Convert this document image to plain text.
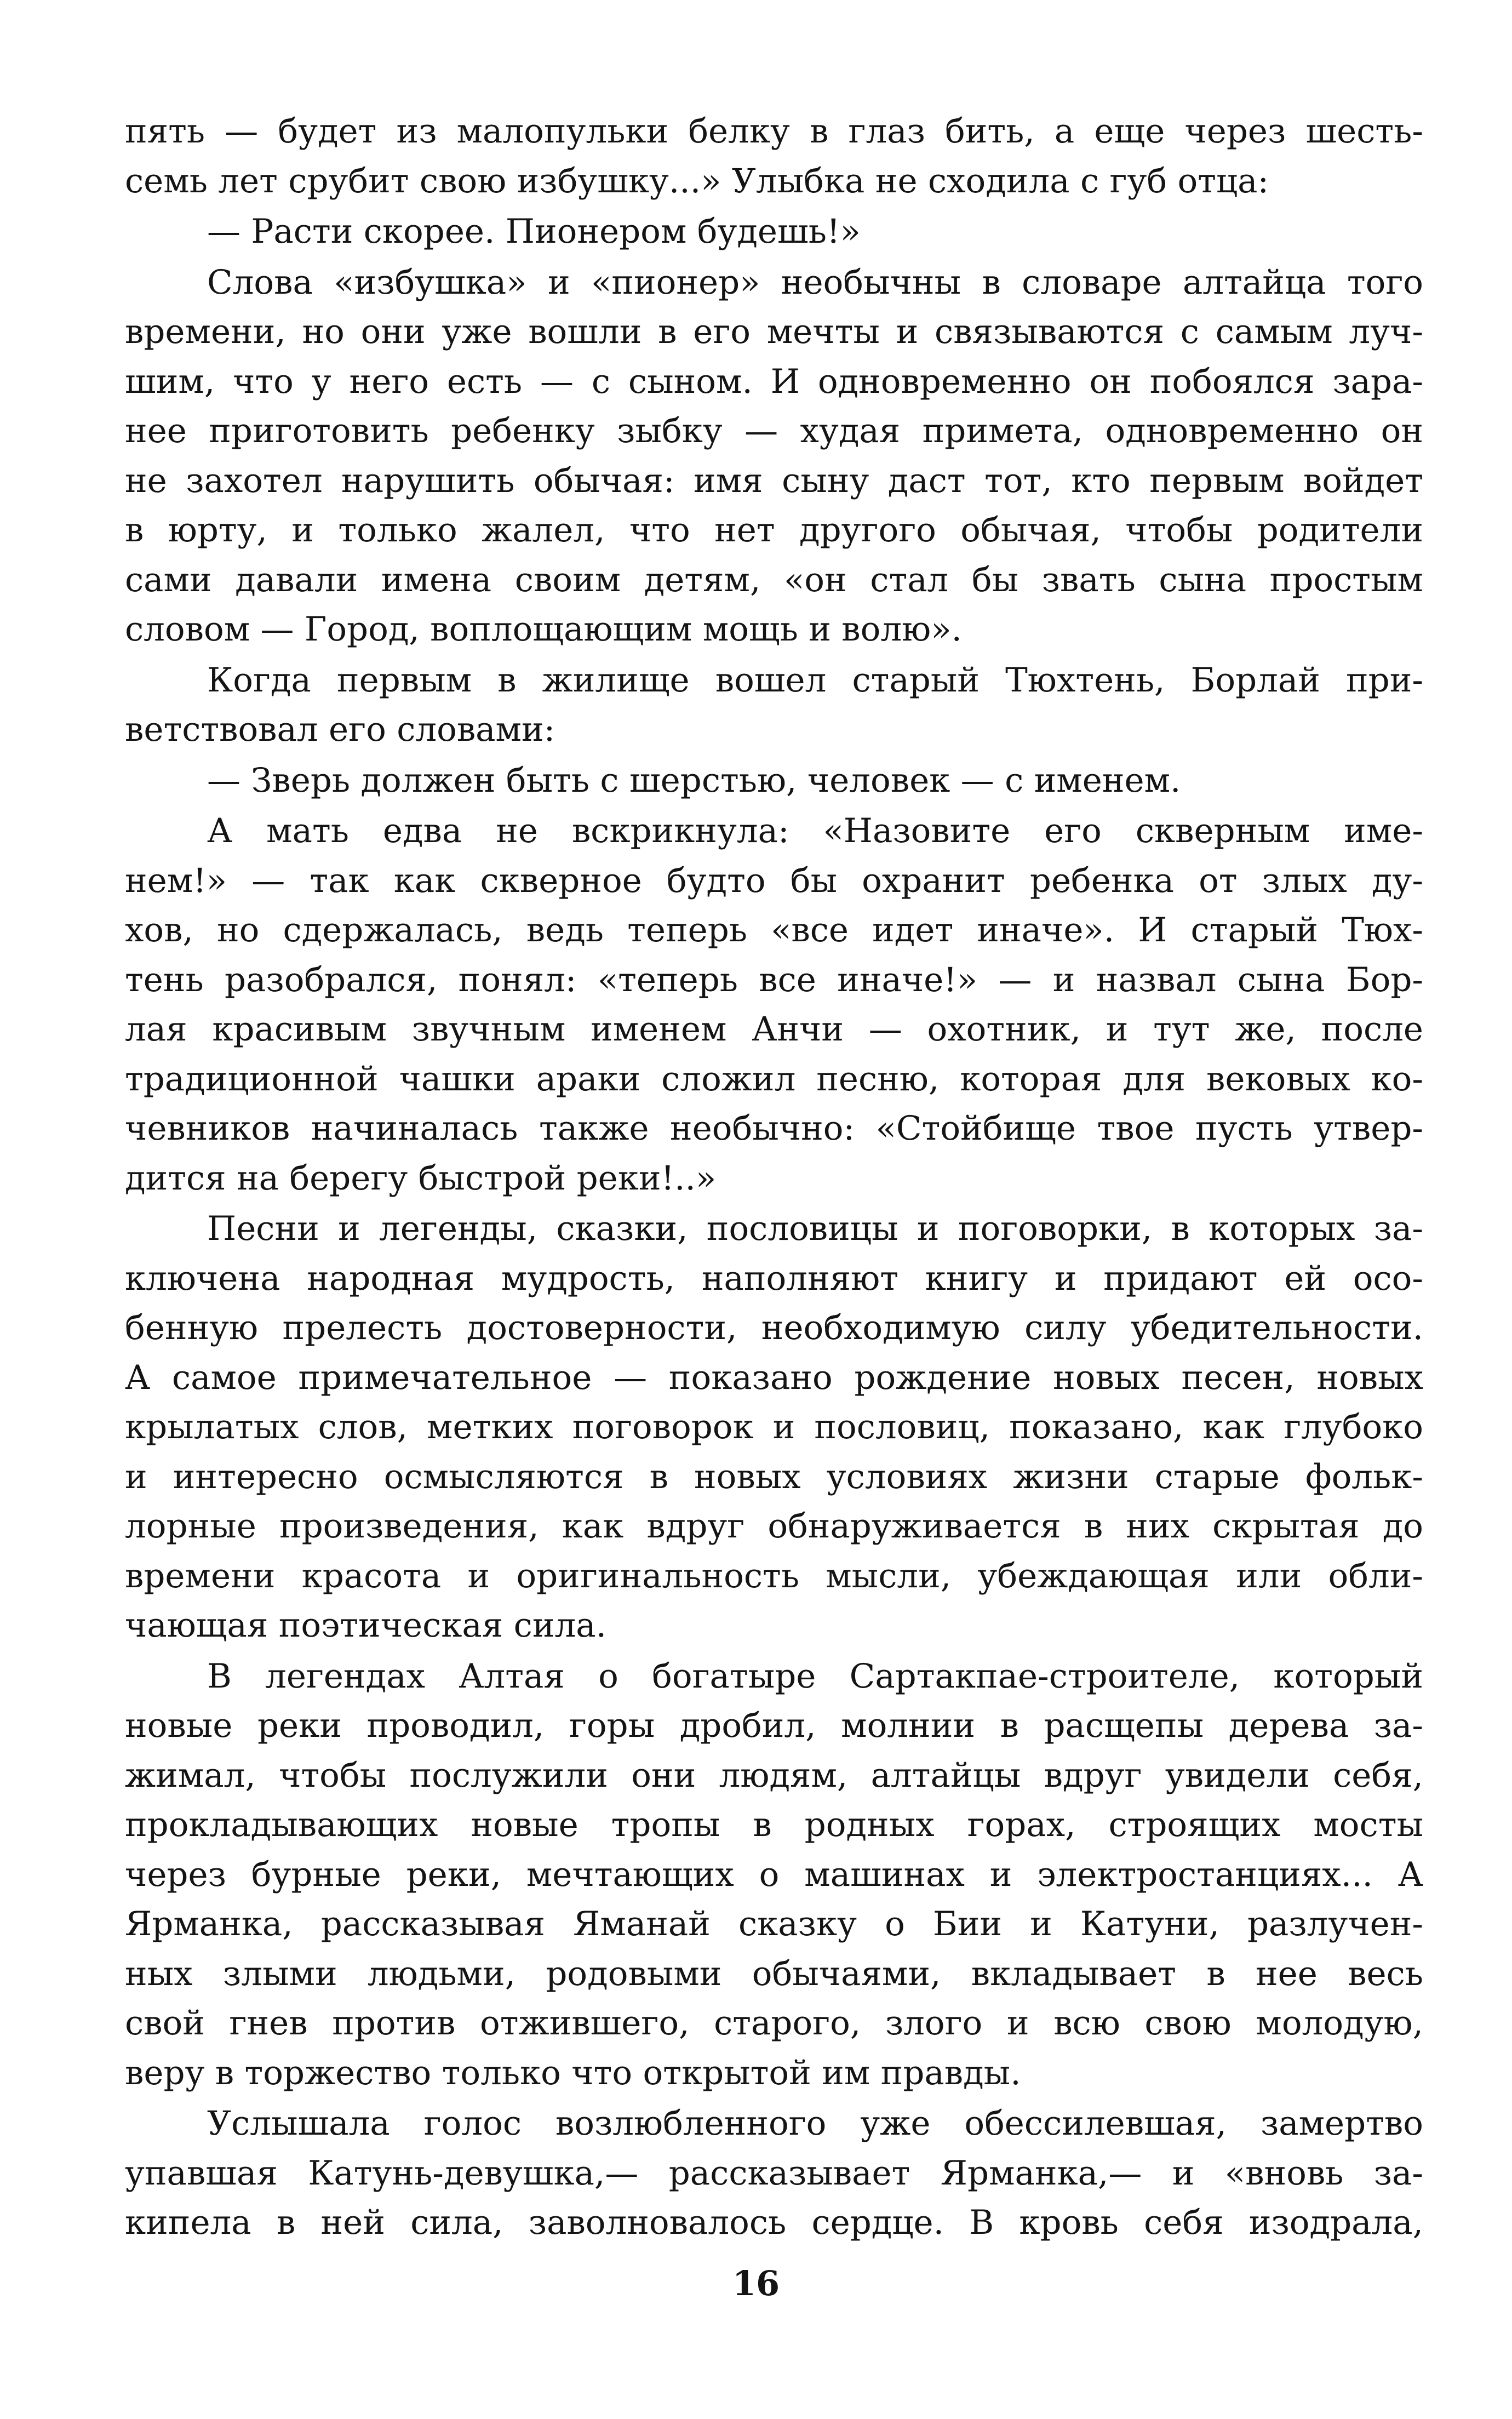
пять — будет из малопульки белку в глаз бить, а еще через шесть-
семь лет срубит свою избушку...» Улыбка не сходила с губ отца:
— Расти скорее. Пионером будешь!»
Слова «избушка» и «пионер» необычны в словаре алтайца того
времени, но они уже вошли в его мечты и связываются с самым луч-
шим, что у него есть — с сыном. И одновременно он побоялся зара-
нее приготовить ребенку зыбку — худая примета, одновременно он
не захотел нарушить обычая: имя сыну даст тот, кто первым войдет
в юрту, и только жалел, что нет другого обычая, чтобы родители
сами давали имена своим детям, «он стал бы звать сына простым
словом — Город, воплощающим мощь и волю».
Когда первым в жилище вошел старый Тюхтень, Борлай при-
ветствовал его словами:
— Зверь должен быть с шерстью, человек — с именем.
А мать едва не вскрикнула: «Назовите его скверным име-
нем!» — так как скверное будто бы охранит ребенка от злых ду-
хов, но сдержалась, ведь теперь «все идет иначе». И старый Тюх-
тень разобрался, понял: «теперь все иначе!» — и назвал сына Бор-
лая красивым звучным именем Анчи — охотник, и тут же, после
традиционной чашки араки сложил песню, которая для вековых ко-
чевников начиналась также необычно: «Стойбище твое пусть утвер-
дится на берегу быстрой реки!..»
Песни и легенды, сказки, пословицы и поговорки, в которых за-
ключена народная мудрость, наполняют книгу и придают ей осо-
бенную прелесть достоверности, необходимую силу убедительности.
А самое примечательное — показано рождение новых песен, новых
крылатых слов, метких поговорок и пословиц, показано, как глубоко
и интересно осмысляются в новых условиях жизни старые фольк-
лорные произведения, как вдруг обнаруживается в них скрытая до
времени красота и оригинальность мысли, убеждающая или обли-
чающая поэтическая сила.
В легендах Алтая о богатыре Сартакпае-строителе, который
новые реки проводил, горы дробил, молнии в расщепы дерева за-
жимал, чтобы послужили они людям, алтайцы вдруг увидели себя,
прокладывающих новые тропы в родных горах, строящих мосты
через бурные реки, мечтающих о машинах и электростанциях... А
Ярманка, рассказывая Яманай сказку о Бии и Катуни, разлучен-
ных злыми людьми, родовыми обычаями, вкладывает в нее весь
свой гнев против отжившего, старого, злого и всю свою молодую,
веру в торжество только что открытой им правды.
Услышала голос возлюбленного уже обессилевшая, замертво
упавшая Катунь-девушка,— рассказывает Ярманка,— и «вновь за-
кипела в ней сила, заволновалось сердце. В кровь себя изодрала,
16
